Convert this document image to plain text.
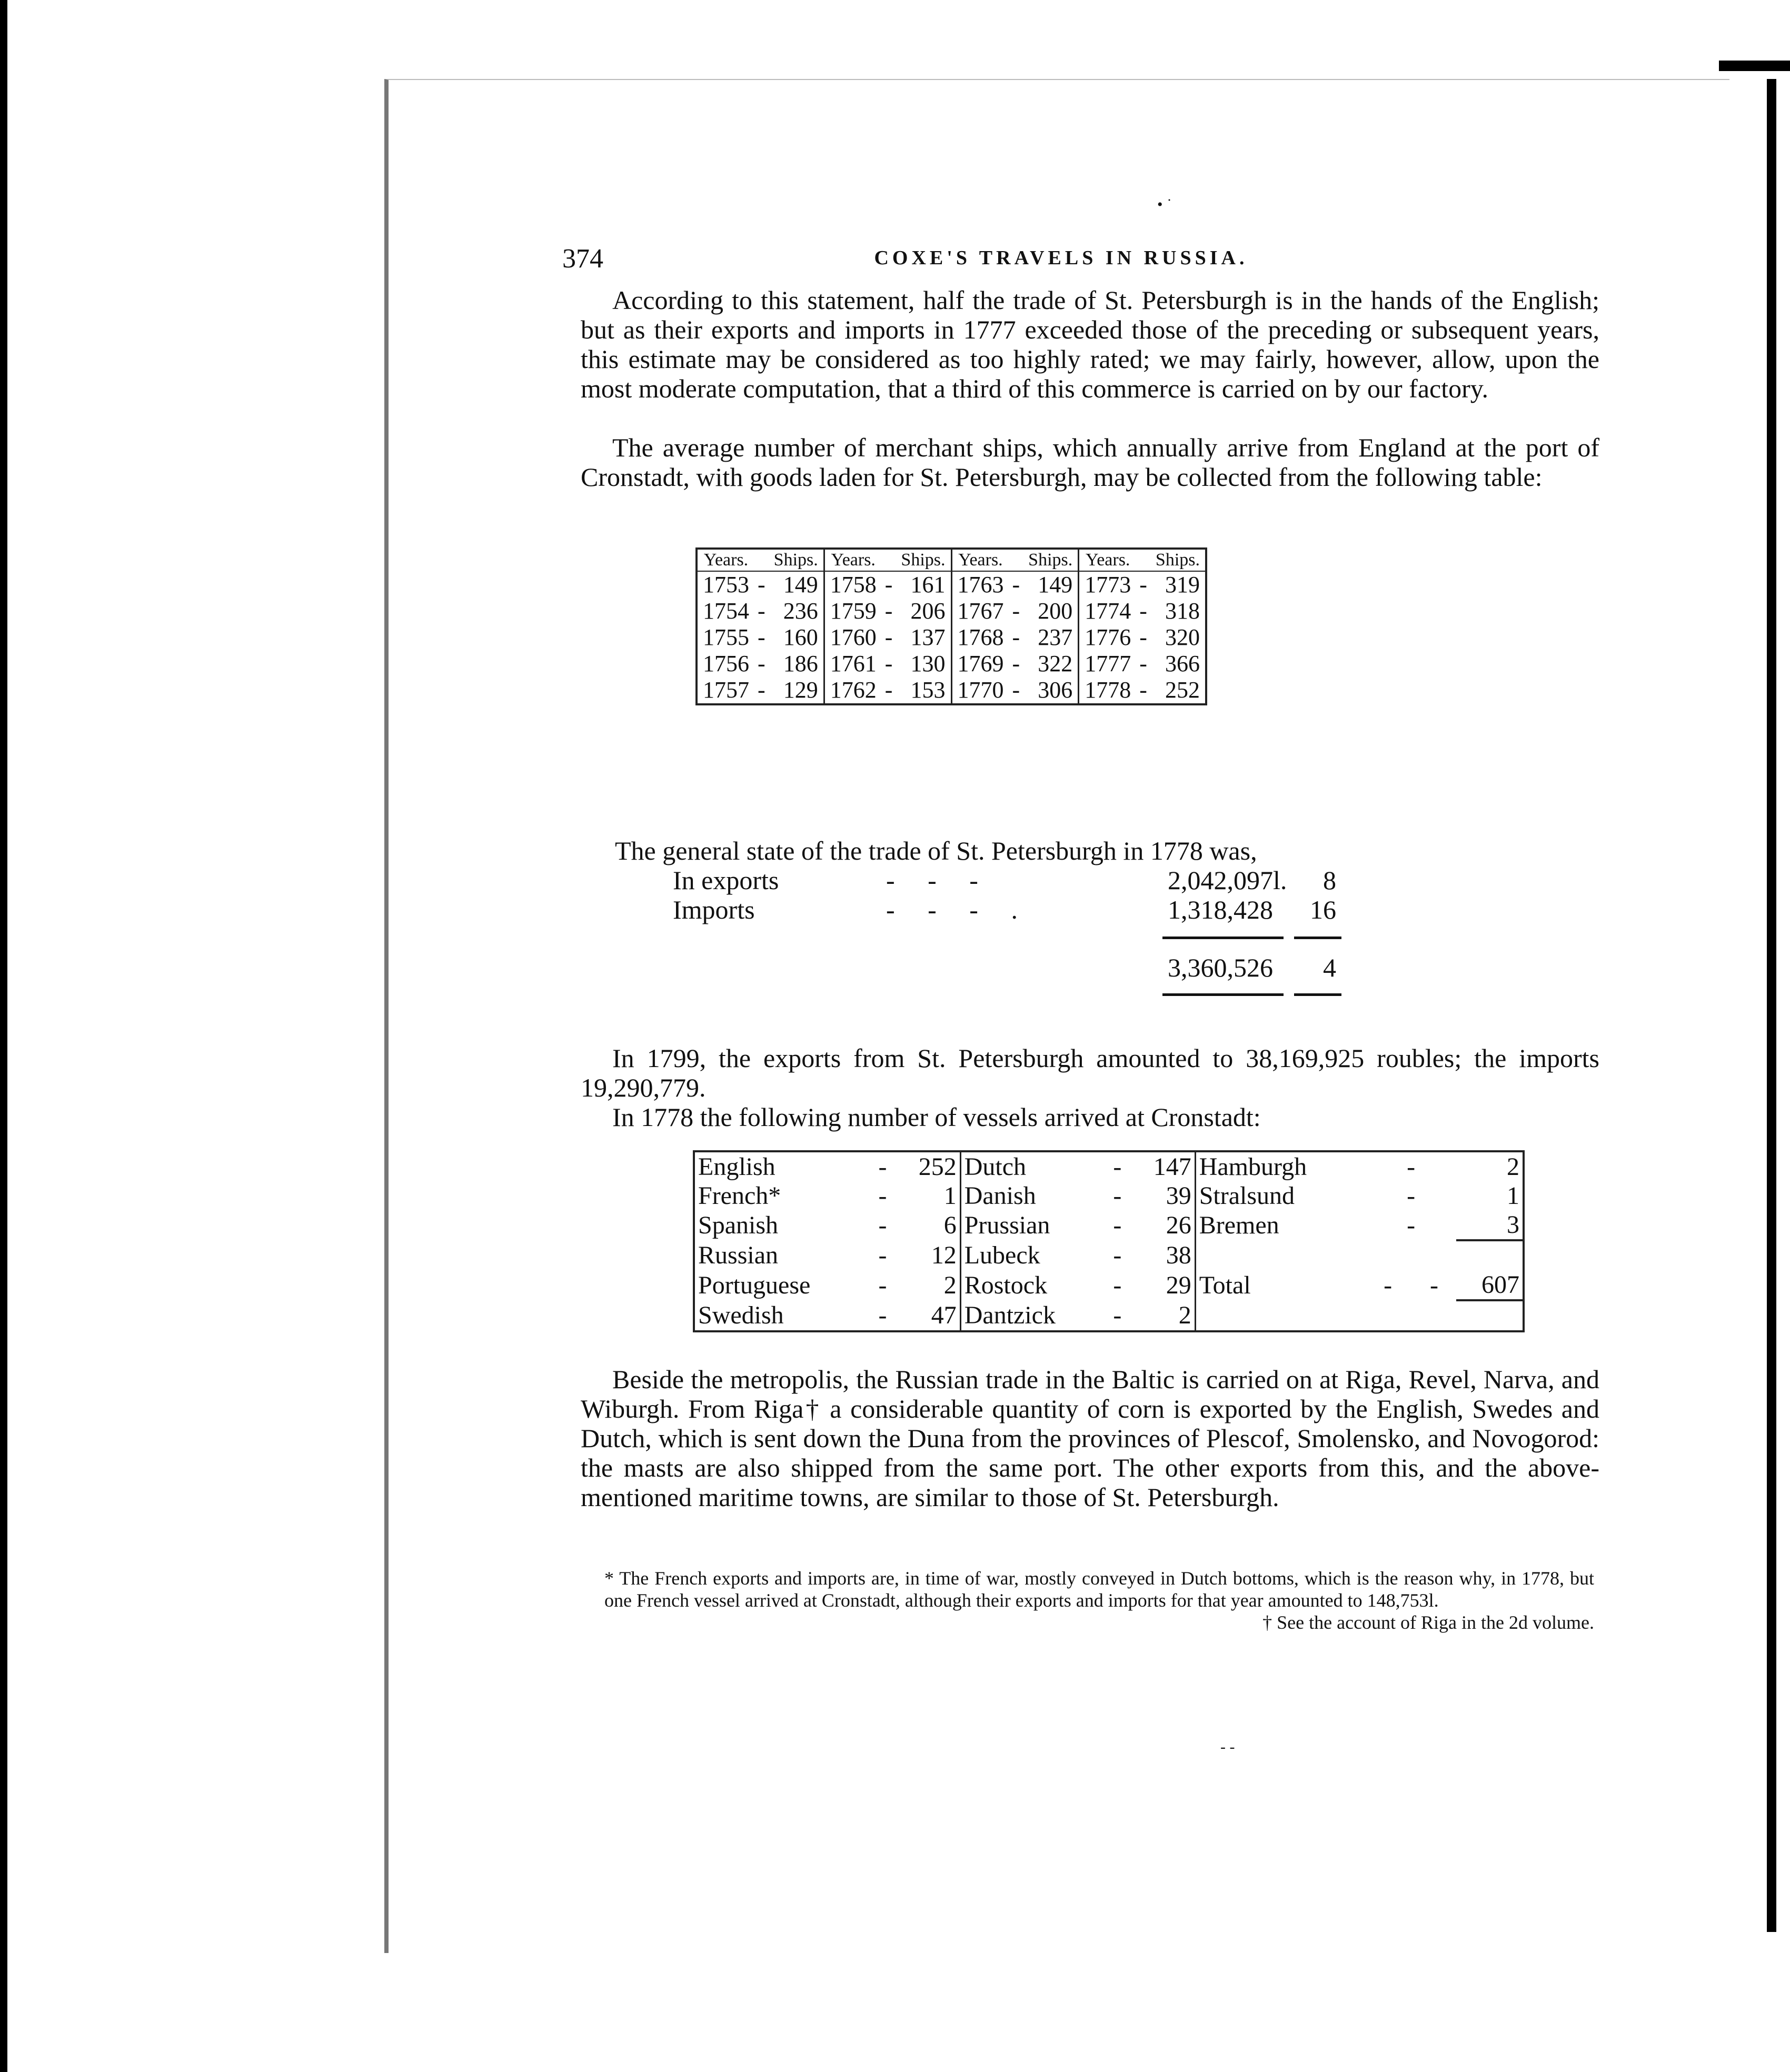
• ˙
374	COXE'S TRAVELS IN RUSSIA.

According to this statement, half the trade of St. Petersburgh is in the hands of the English; but as their exports and imports in 1777 exceeded those of the preceding or subsequent years, this estimate may be considered as too highly rated; we may fairly, however, allow, upon the most moderate computation, that a third of this commerce is carried on by our factory.

The average number of merchant ships, which annually arrive from England at the port of Cronstadt, with goods laden for St. Petersburgh, may be collected from the following table:

Years.		Ships.	Years.		Ships.	Years.		Ships.	Years.		Ships.
1753	-	149	1758	-	161	1763	-	149	1773	-	319
1754	-	236	1759	-	206	1767	-	200	1774	-	318
1755	-	160	1760	-	137	1768	-	237	1776	-	320
1756	-	186	1761	-	130	1769	-	322	1777	-	366
1757	-	129	1762	-	153	1770	-	306	1778	-	252
The general state of the trade of St. Petersburgh in 1778 was,
In exports	-     -     -	2,042,097l. 8
Imports	-     -     -     .	1,318,428 16
3,360,526 4

In 1799, the exports from St. Petersburgh amounted to 38,169,925 roubles; the imports 19,290,779.

In 1778 the following number of vessels arrived at Cronstadt:

English	-	252	Dutch	-	147	Hamburgh	-	2
French*	-	1	Danish	-	39	Stralsund	-	1
Spanish	-	6	Prussian	-	26	Bremen	-	3
Russian	-	12	Lubeck	-	38			
Portuguese	-	2	Rostock	-	29	Total	-      -	607
Swedish	-	47	Dantzick	-	2			

Beside the metropolis, the Russian trade in the Baltic is carried on at Riga, Revel, Narva, and Wiburgh. From Riga† a considerable quantity of corn is exported by the English, Swedes and Dutch, which is sent down the Duna from the provinces of Plescof, Smolensko, and Novogorod: the masts are also shipped from the same port. The other exports from this, and the above-mentioned maritime towns, are similar to those of St. Petersburgh.

* The French exports and imports are, in time of war, mostly conveyed in Dutch bottoms, which is the reason why, in 1778, but one French vessel arrived at Cronstadt, although their exports and imports for that year amounted to 148,753l.

† See the account of Riga in the 2d volume.

- -
